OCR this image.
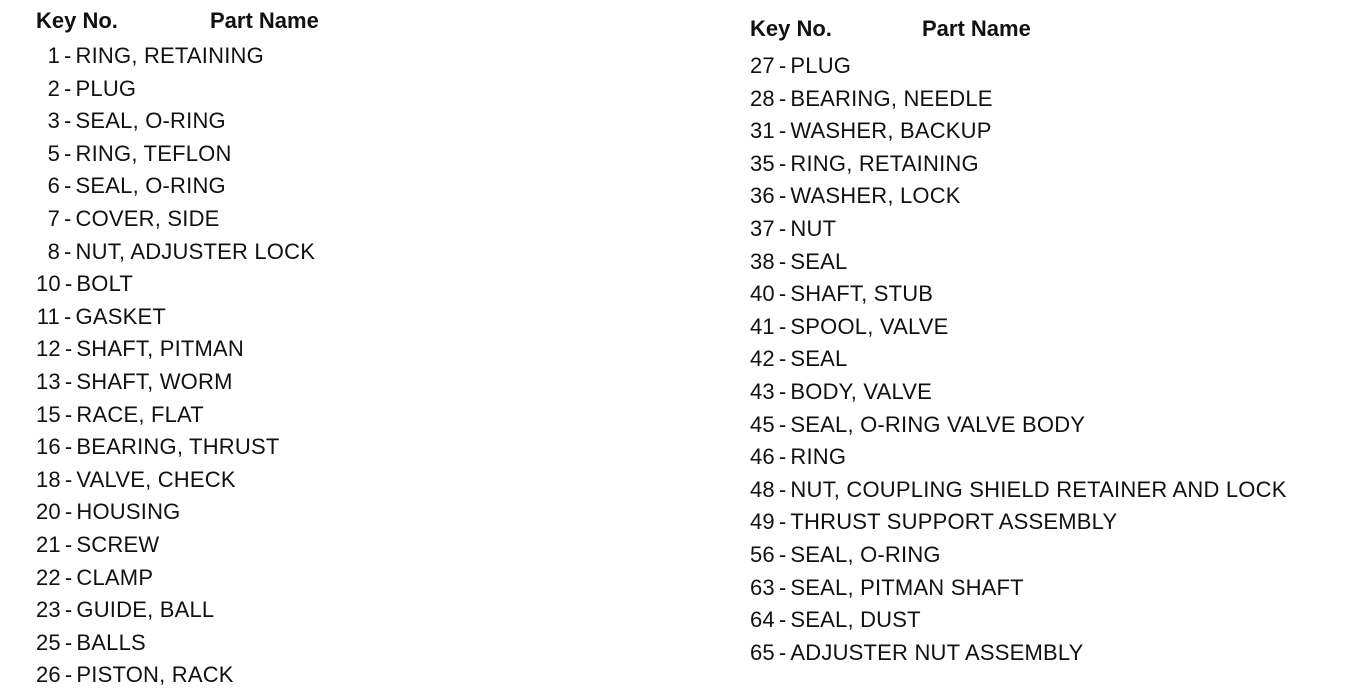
Key No.	Part Name
1 - RING, RETAINING
2 - PLUG
3 - SEAL, O-RING
5 - RING, TEFLON
6 - SEAL, O-RING
7 - COVER, SIDE
8 - NUT, ADJUSTER LOCK
10 - BOLT
11 - GASKET
12 - SHAFT, PITMAN
13 - SHAFT, WORM
15 - RACE, FLAT
16 - BEARING, THRUST
18 - VALVE, CHECK
20 - HOUSING
21 - SCREW
22 - CLAMP
23 - GUIDE, BALL
25 - BALLS
26 - PISTON, RACK
Key No.	Part Name
27 - PLUG
28 - BEARING, NEEDLE
31 - WASHER, BACKUP
35 - RING, RETAINING
36 - WASHER, LOCK
37 - NUT
38 - SEAL
40 - SHAFT, STUB
41 - SPOOL, VALVE
42 - SEAL
43 - BODY, VALVE
45 - SEAL, O-RING VALVE BODY
46 - RING
48 - NUT, COUPLING SHIELD RETAINER AND LOCK
49 - THRUST SUPPORT ASSEMBLY
56 - SEAL, O-RING
63 - SEAL, PITMAN SHAFT
64 - SEAL, DUST
65 - ADJUSTER NUT ASSEMBLY
